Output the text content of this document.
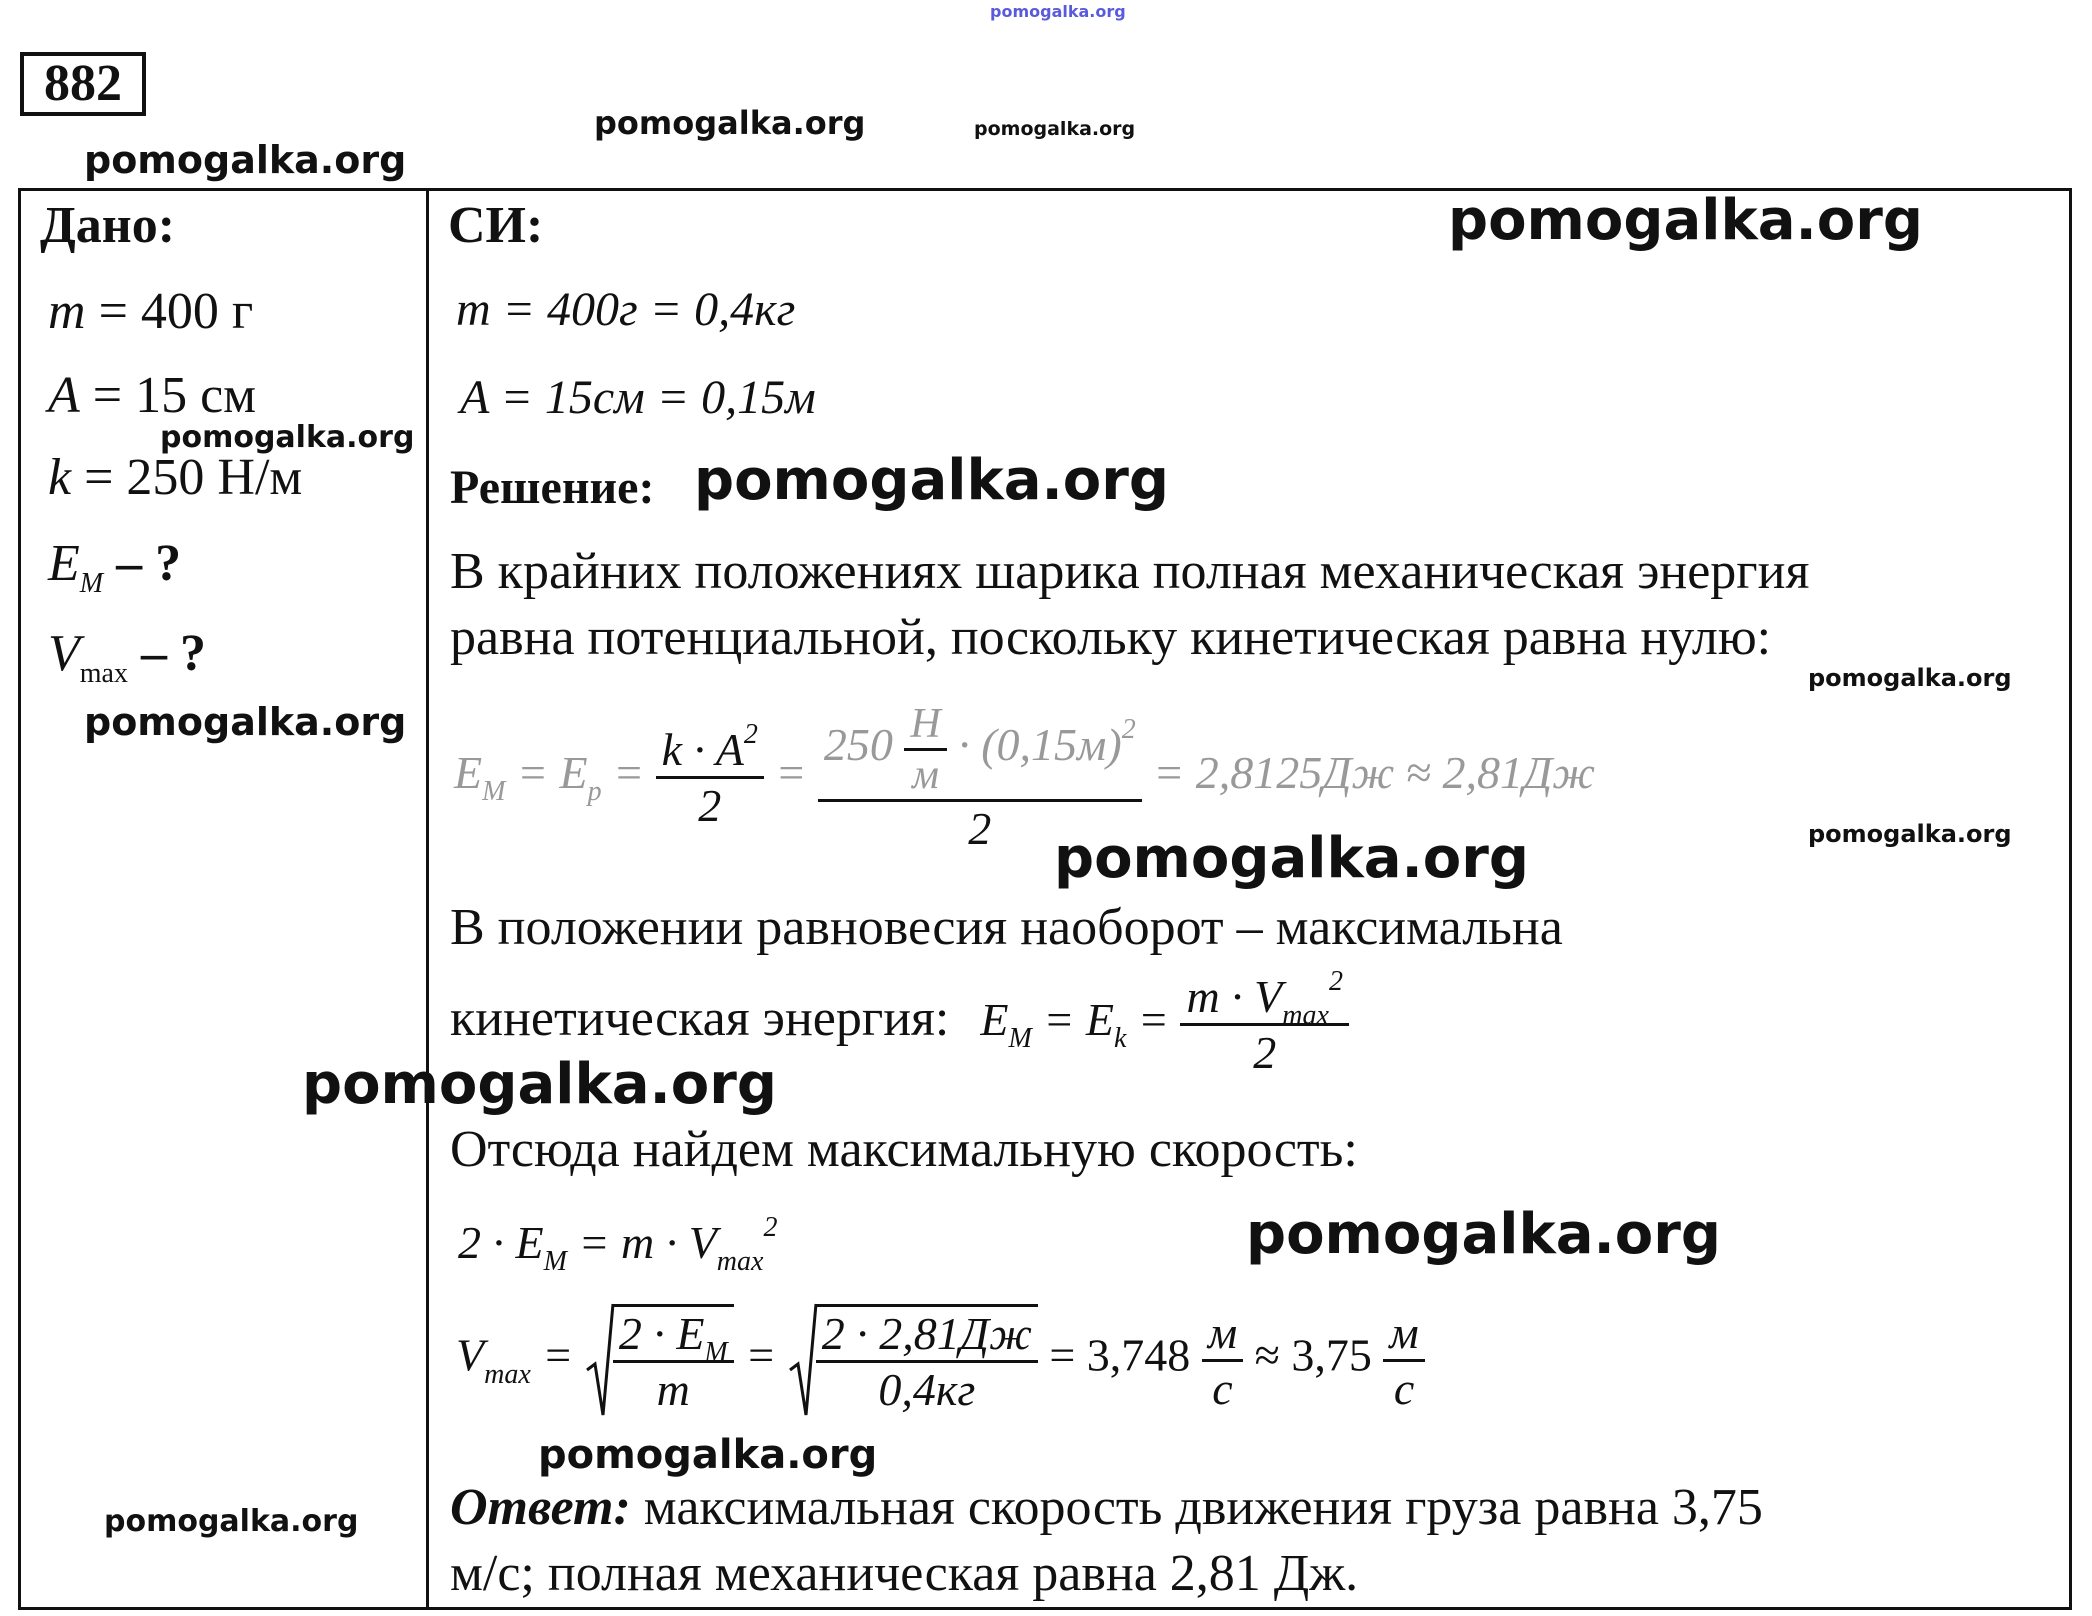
pomogalka.org
882
pomogalka.org	pomogalka.org
pomogalka.org
Дано:
m = 400 г
A = 15 см
pomogalka.org
k = 250 Н/м
$E_M$ – ?
$V_{max}$ – ?
pomogalka.org
pomogalka.org
СИ:	pomogalka.org
m = 400г = 0,4кг
A = 15см = 0,15м
Решение: pomogalka.org
В крайних положениях шарика полная механическая энергия
равна потенциальной, поскольку кинетическая равна нулю:
pomogalka.org
$E_M = E_p = \frac{k \cdot A^2}{2} = \frac{250 \frac{Н}{м} \cdot (0,15м)^2}{2} = 2,8125Дж \approx 2,81Дж$
pomogalka.org
pomogalka.org
В положении равновесия наоборот – максимальна
кинетическая энергия: $E_M = E_k = \frac{m \cdot V_{max}^2}{2}$
pomogalka.org
Отсюда найдем максимальную скорость:
$2 \cdot E_M = m \cdot V_{max}^2$	pomogalka.org
$V_{max} = \frac{2 \cdot E_M}{m} = \frac{2 \cdot 2,81Дж}{0,4кг} = 3,748 \frac{м}{с} \approx 3,75 \frac{м}{с}$
pomogalka.org
Ответ: максимальная скорость движения груза равна 3,75
м/с; полная механическая равна 2,81 Дж.
